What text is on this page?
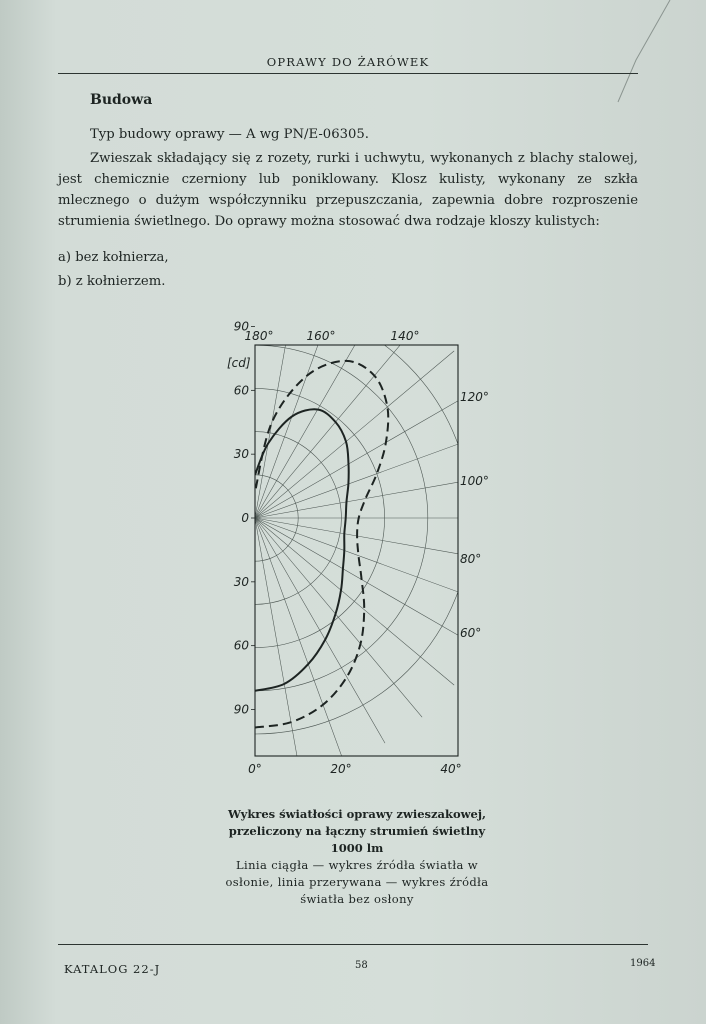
OPRAWY DO ŻARÓWEK
Budowa
Typ budowy oprawy — A wg PN/E-06305.
Zwieszak składający się z rozety, rurki i uchwytu, wykonanych z blachy stalowej, jest chemicznie czerniony lub poniklowany. Klosz kulisty, wykonany ze szkła mlecznego o dużym współczynniku przepuszczania, zapewnia dobre rozproszenie strumienia świetlnego. Do oprawy można stosować dwa rodzaje kloszy kulistych:
a) bez kołnierza,
b) z kołnierzem.
90
60
30
0
30
60
90
[cd]
180°	160°	140°
120°
100°
80°
60°
0°	20°	40°
Wykres światłości oprawy zwieszakowej, przeliczony na łączny strumień świetlny 1000 lm
Linia ciągła — wykres źródła światła w osłonie, linia przerywana — wykres źródła światła bez osłony
KATALOG 22-J	58	1964
